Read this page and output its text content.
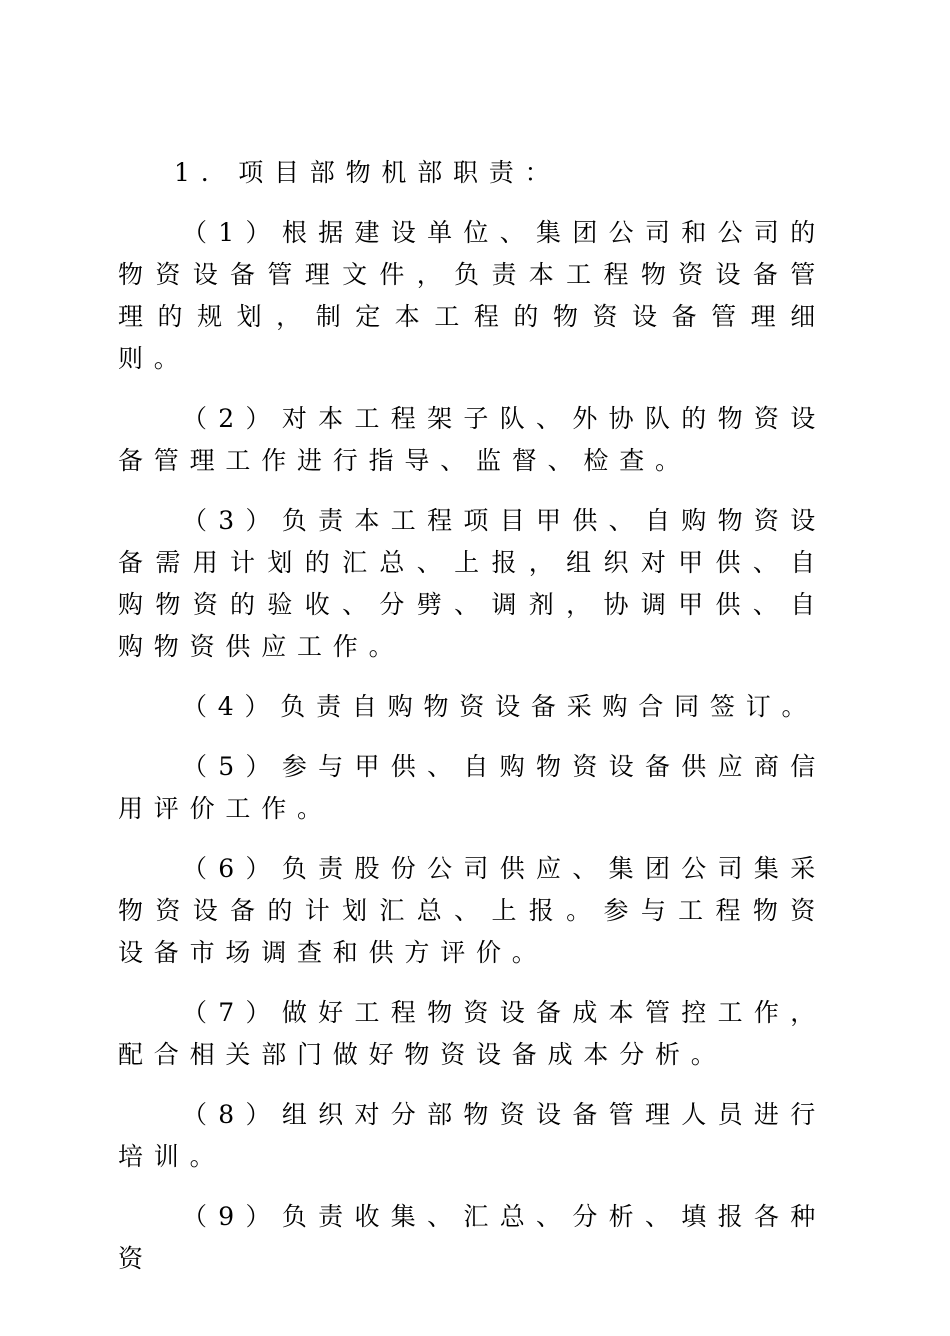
1. 项目部物机部职责：

（1）根据建设单位、集团公司和公司的物资设备管理文件，负责本工程物资设备管理的规划，制定本工程的物资设备管理细则。

（2）对本工程架子队、外协队的物资设备管理工作进行指导、监督、检查。

（3）负责本工程项目甲供、自购物资设备需用计划的汇总、上报，组织对甲供、自购物资的验收、分劈、调剂，协调甲供、自购物资供应工作。

（4）负责自购物资设备采购合同签订。

（5）参与甲供、自购物资设备供应商信用评价工作。

（6）负责股份公司供应、集团公司集采物资设备的计划汇总、上报。参与工程物资设备市场调查和供方评价。

（7）做好工程物资设备成本管控工作，配合相关部门做好物资设备成本分析。

（8）组织对分部物资设备管理人员进行培训。

（9）负责收集、汇总、分析、填报各种资
